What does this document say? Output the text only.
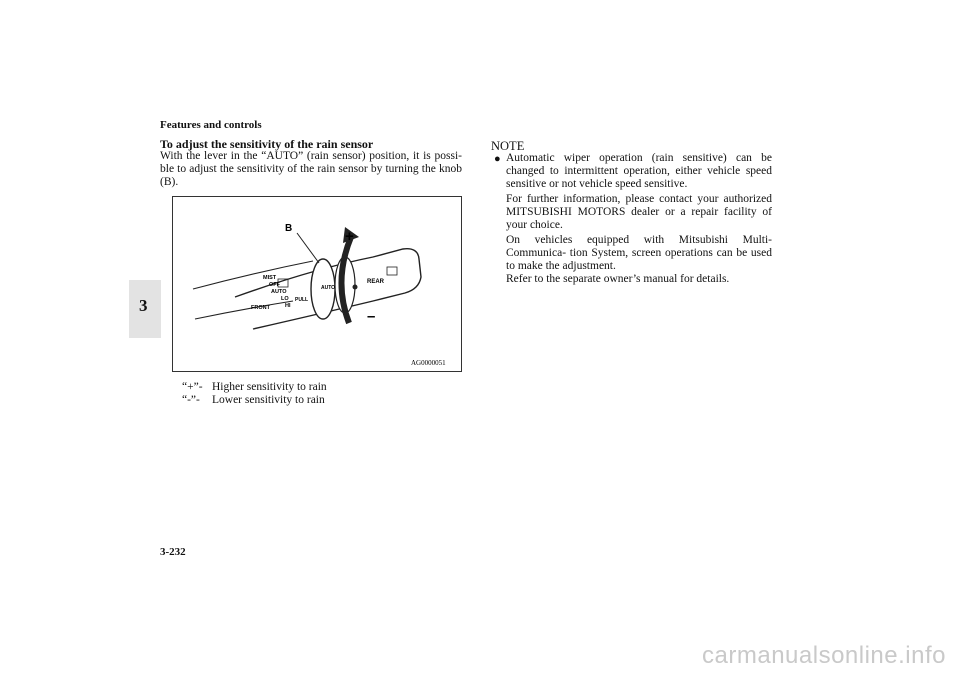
Features and controls
3
To adjust the sensitivity of the rain sensor
With the lever in the “AUTO” (rain sensor) position, it is possi- ble to adjust the sensitivity of the rain sensor by turning the knob (B).
B	+
–
MIST
OFF
AUTO
LO
HI
FRONT
PULL
AUTO
REAR
AG0000051
“+”- Higher sensitivity to rain
“-”- Lower sensitivity to rain
NOTE
● Automatic wiper operation (rain sensitive) can be changed to intermittent operation, either vehicle speed sensitive or not vehicle speed sensitive.

For further information, please contact your authorized MITSUBISHI MOTORS dealer or a repair facility of your choice.

On vehicles equipped with Mitsubishi Multi-Communica- tion System, screen operations can be used to make the adjustment.

Refer to the separate owner’s manual for details.

3-232
carmanualsonline.info
